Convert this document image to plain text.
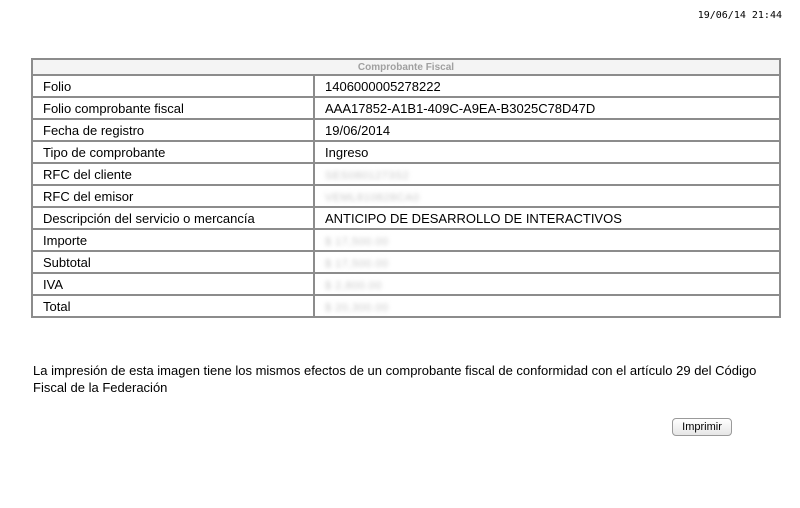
19/06/14 21:44
Comprobante Fiscal	
Folio	1406000005278222
Folio comprobante fiscal	AAA17852-A1B1-409C-A9EA-B3025C78D47D
Fecha de registro	19/06/2014
Tipo de comprobante	Ingreso
RFC del cliente	SES0801273S2
RFC del emisor	VEML810828CA0
Descripción del servicio o mercancía	ANTICIPO DE DESARROLLO DE INTERACTIVOS
Importe	$ 17,500.00
Subtotal	$ 17,500.00
IVA	$ 2,800.00
Total	$ 20,300.00
La impresión de esta imagen tiene los mismos efectos de un comprobante fiscal de conformidad con el artículo 29 del Código Fiscal de la Federación
Imprimir
